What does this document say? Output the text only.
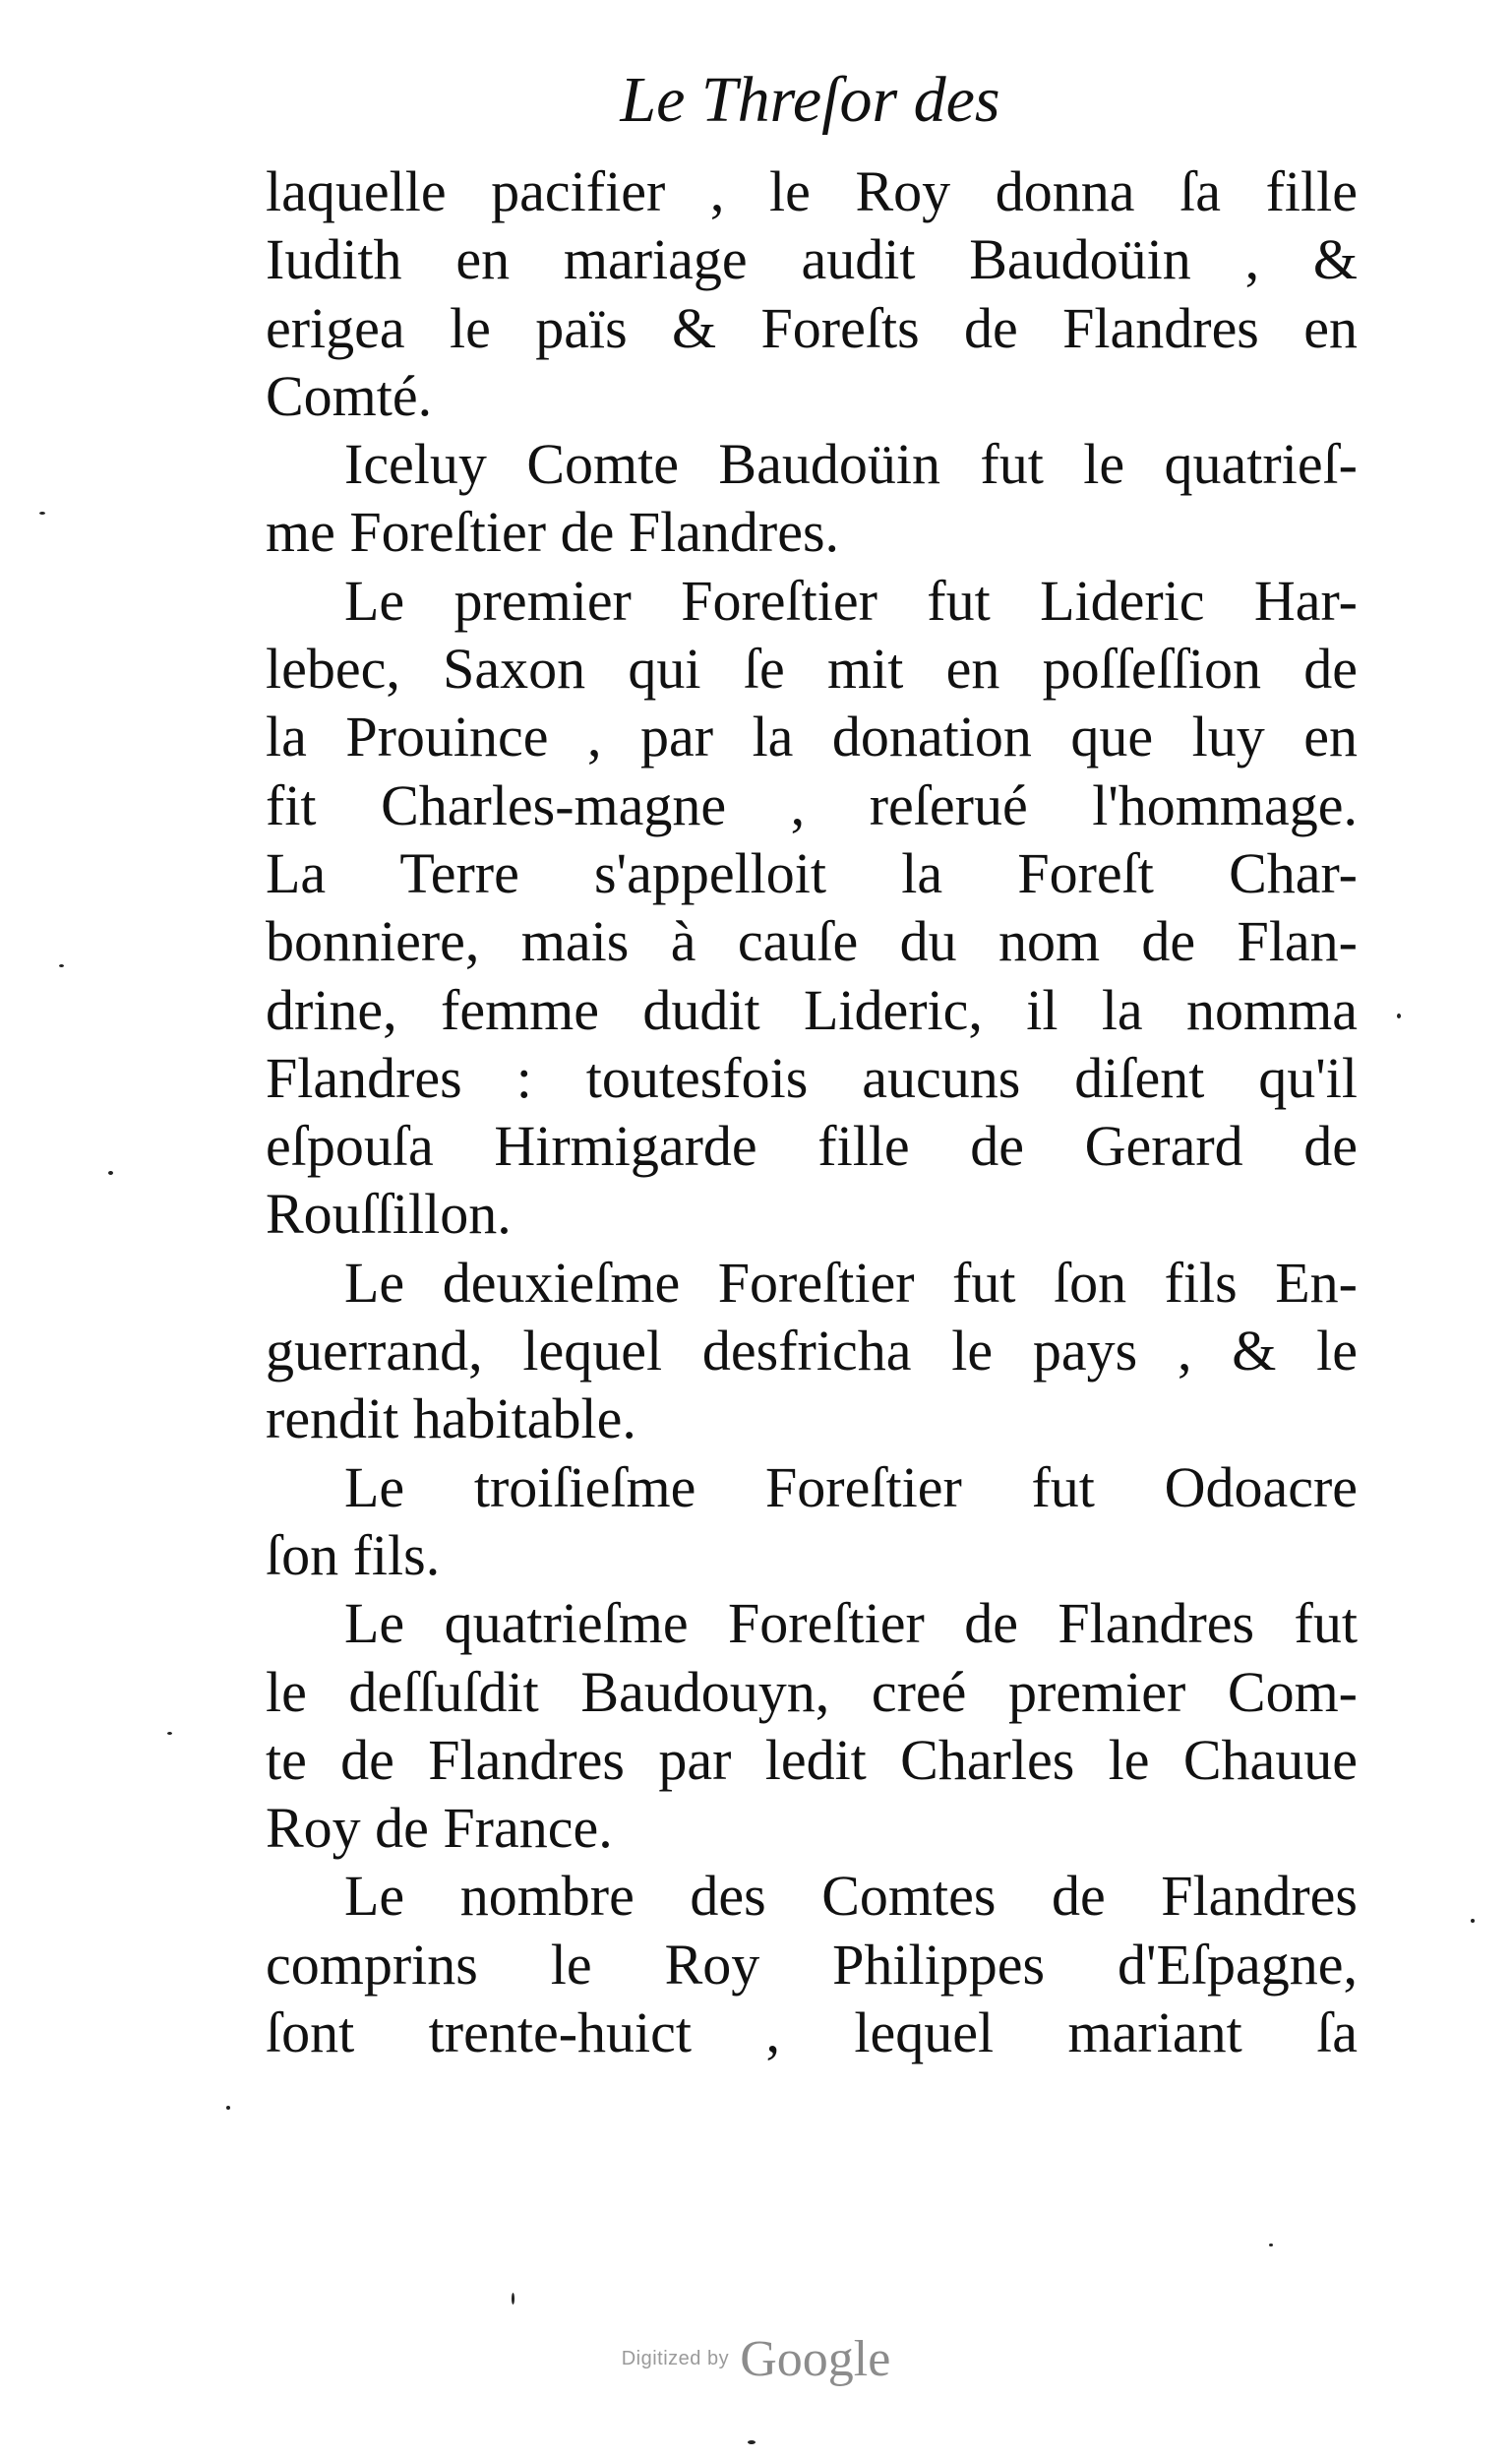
Le Threſor des
laquelle pacifier , le Roy donna ſa fille
Iudith en mariage audit Baudoüin , &
erigea le païs & Foreſts de Flandres en
Comté.
Iceluy Comte Baudoüin fut le quatrieſ-
me Foreſtier de Flandres.
Le premier Foreſtier fut Lideric Har-
lebec, Saxon qui ſe mit en poſſeſſion de
la Prouince , par la donation que luy en
fit Charles-magne , reſerué l'hommage.
La Terre s'appelloit la Foreſt Char-
bonniere, mais à cauſe du nom de Flan-
drine, femme dudit Lideric, il la nomma
Flandres : toutesfois aucuns diſent qu'il
eſpouſa Hirmigarde fille de Gerard de
Rouſſillon.
Le deuxieſme Foreſtier fut ſon fils En-
guerrand, lequel desfricha le pays , & le
rendit habitable.
Le troiſieſme Foreſtier fut Odoacre
ſon fils.
Le quatrieſme Foreſtier de Flandres fut
le deſſuſdit Baudouyn, creé premier Com-
te de Flandres par ledit Charles le Chauue
Roy de France.
Le nombre des Comtes de Flandres
comprins le Roy Philippes d'Eſpagne,
ſont trente-huict , lequel mariant ſa
Digitized by Google
